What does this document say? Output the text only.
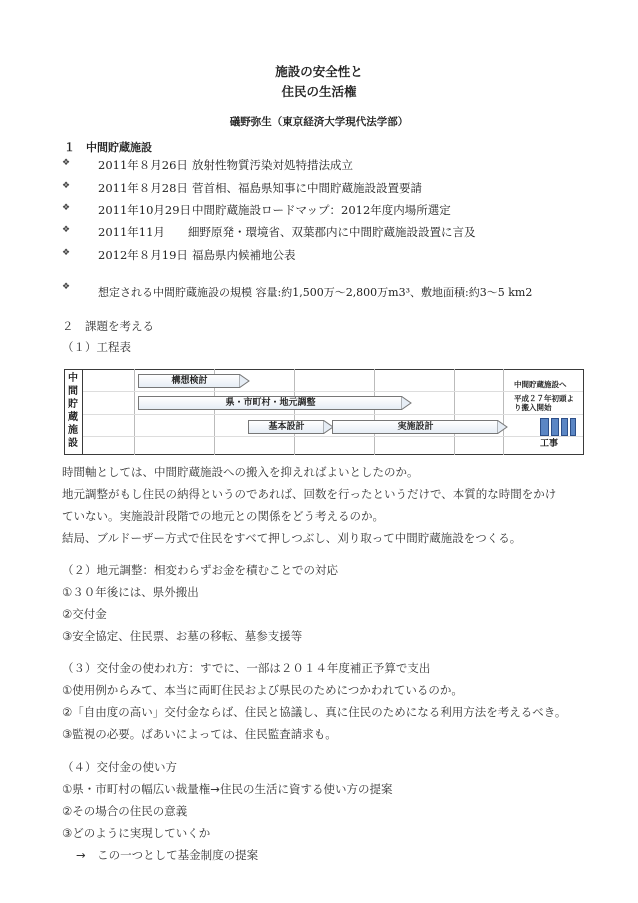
施設の安全性と
住民の生活権
礒野弥生（東京経済大学現代法学部）
１　中間貯蔵施設
❖ 2011年８月26日 放射性物質汚染対処特措法成立
❖ 2011年８月28日 菅首相、福島県知事に中間貯蔵施設設置要請
❖ 2011年10月29日中間貯蔵施設ロードマップ：2012年度内場所選定
❖ 2011年11月 細野原発・環境省、双葉郡内に中間貯蔵施設設置に言及
❖ 2012年８月19日 福島県内候補地公表
❖	想定される中間貯蔵施設の規模 容量:約1,500万～2,800万m3³、敷地面積:約3～5 km2
２　課題を考える
（１）工程表
中間貯蔵施設
構想検討
県・市町村・地元調整
基本設計	実施設計
中間貯蔵施設へ
平成２７年初頭より搬入開始
工事
時間軸としては、中間貯蔵施設への搬入を抑えればよいとしたのか。
地元調整がもし住民の納得というのであれば、回数を行ったというだけで、本質的な時間をかけ
ていない。実施設計段階での地元との関係をどう考えるのか。
結局、ブルドーザー方式で住民をすべて押しつぶし、刈り取って中間貯蔵施設をつくる。
（２）地元調整：相変わらずお金を積むことでの対応
①３０年後には、県外搬出
②交付金
③安全協定、住民票、お墓の移転、墓参支援等
（３）交付金の使われ方：すでに、一部は２０１４年度補正予算で支出
①使用例からみて、本当に両町住民および県民のためにつかわれているのか。
②「自由度の高い」交付金ならば、住民と協議し、真に住民のためになる利用方法を考えるべき。
③監視の必要。ばあいによっては、住民監査請求も。
（４）交付金の使い方
①県・市町村の幅広い裁量権→住民の生活に資する使い方の提案
②その場合の住民の意義
③どのように実現していくか
→　この一つとして基金制度の提案
